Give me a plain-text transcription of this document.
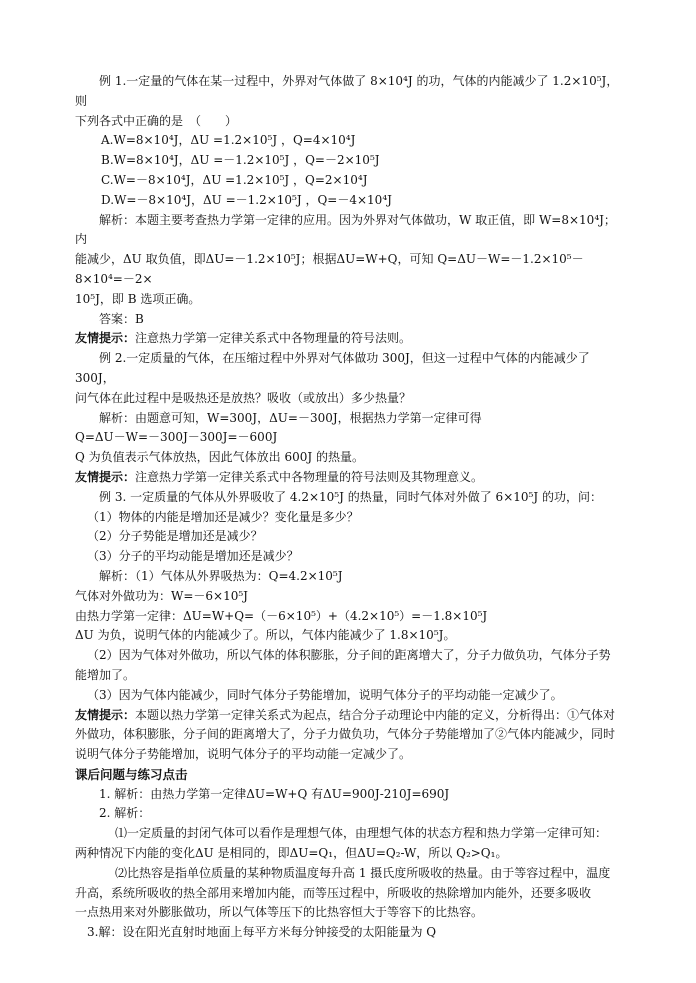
例 1.一定量的气体在某一过程中，外界对气体做了 8×10⁴J 的功，气体的内能减少了 1.2×10⁵J，则

下列各式中正确的是　（　　）

A.W=8×10⁴J，ΔU =1.2×10⁵J ，Q=4×10⁴J

B.W=8×10⁴J，ΔU =－1.2×10⁵J ，Q=－2×10⁵J

C.W=－8×10⁴J，ΔU =1.2×10⁵J ，Q=2×10⁴J

D.W=－8×10⁴J，ΔU =－1.2×10⁵J ，Q=－4×10⁴J

解析：本题主要考查热力学第一定律的应用。因为外界对气体做功，W 取正值，即 W=8×10⁴J；内

能减少，ΔU 取负值，即ΔU=－1.2×10⁵J；根据ΔU=W+Q，可知 Q=ΔU－W=－1.2×10⁵－8×10⁴=－2×

10⁵J，即 B 选项正确。

答案：B

友情提示：注意热力学第一定律关系式中各物理量的符号法则。

例 2.一定质量的气体，在压缩过程中外界对气体做功 300J，但这一过程中气体的内能减少了 300J，

问气体在此过程中是吸热还是放热？吸收（或放出）多少热量？

解析：由题意可知，W=300J，ΔU=－300J，根据热力学第一定律可得

Q=ΔU－W=－300J－300J=－600J

Q 为负值表示气体放热，因此气体放出 600J 的热量。

友情提示：注意热力学第一定律关系式中各物理量的符号法则及其物理意义。

例 3. 一定质量的气体从外界吸收了 4.2×10⁵J 的热量，同时气体对外做了 6×10⁵J 的功，问：

（1）物体的内能是增加还是减少？变化量是多少？

（2）分子势能是增加还是减少？

（3）分子的平均动能是增加还是减少？

解析：（1）气体从外界吸热为：Q=4.2×10⁵J

气体对外做功为：W=－6×10⁵J

由热力学第一定律：ΔU=W+Q=（－6×10⁵）+（4.2×10⁵）=－1.8×10⁵J

ΔU 为负，说明气体的内能减少了。所以，气体内能减少了 1.8×10⁵J。

（2）因为气体对外做功，所以气体的体积膨胀，分子间的距离增大了，分子力做负功，气体分子势

能增加了。

（3）因为气体内能减少，同时气体分子势能增加，说明气体分子的平均动能一定减少了。

友情提示：本题以热力学第一定律关系式为起点，结合分子动理论中内能的定义，分析得出：①气体对

外做功，体积膨胀，分子间的距离增大了，分子力做负功，气体分子势能增加了②气体内能减少，同时

说明气体分子势能增加，说明气体分子的平均动能一定减少了。

课后问题与练习点击

1. 解析：由热力学第一定律ΔU=W+Q 有ΔU=900J-210J=690J

2. 解析：

⑴一定质量的封闭气体可以看作是理想气体，由理想气体的状态方程和热力学第一定律可知：

两种情况下内能的变化ΔU 是相同的，即ΔU=Q₁，但ΔU=Q₂-W，所以 Q₂>Q₁。

⑵比热容是指单位质量的某种物质温度每升高 1 摄氏度所吸收的热量。由于等容过程中，温度

升高，系统所吸收的热全部用来增加内能，而等压过程中，所吸收的热除增加内能外，还要多吸收

一点热用来对外膨胀做功，所以气体等压下的比热容恒大于等容下的比热容。

3.解：设在阳光直射时地面上每平方米每分钟接受的太阳能量为 Q
